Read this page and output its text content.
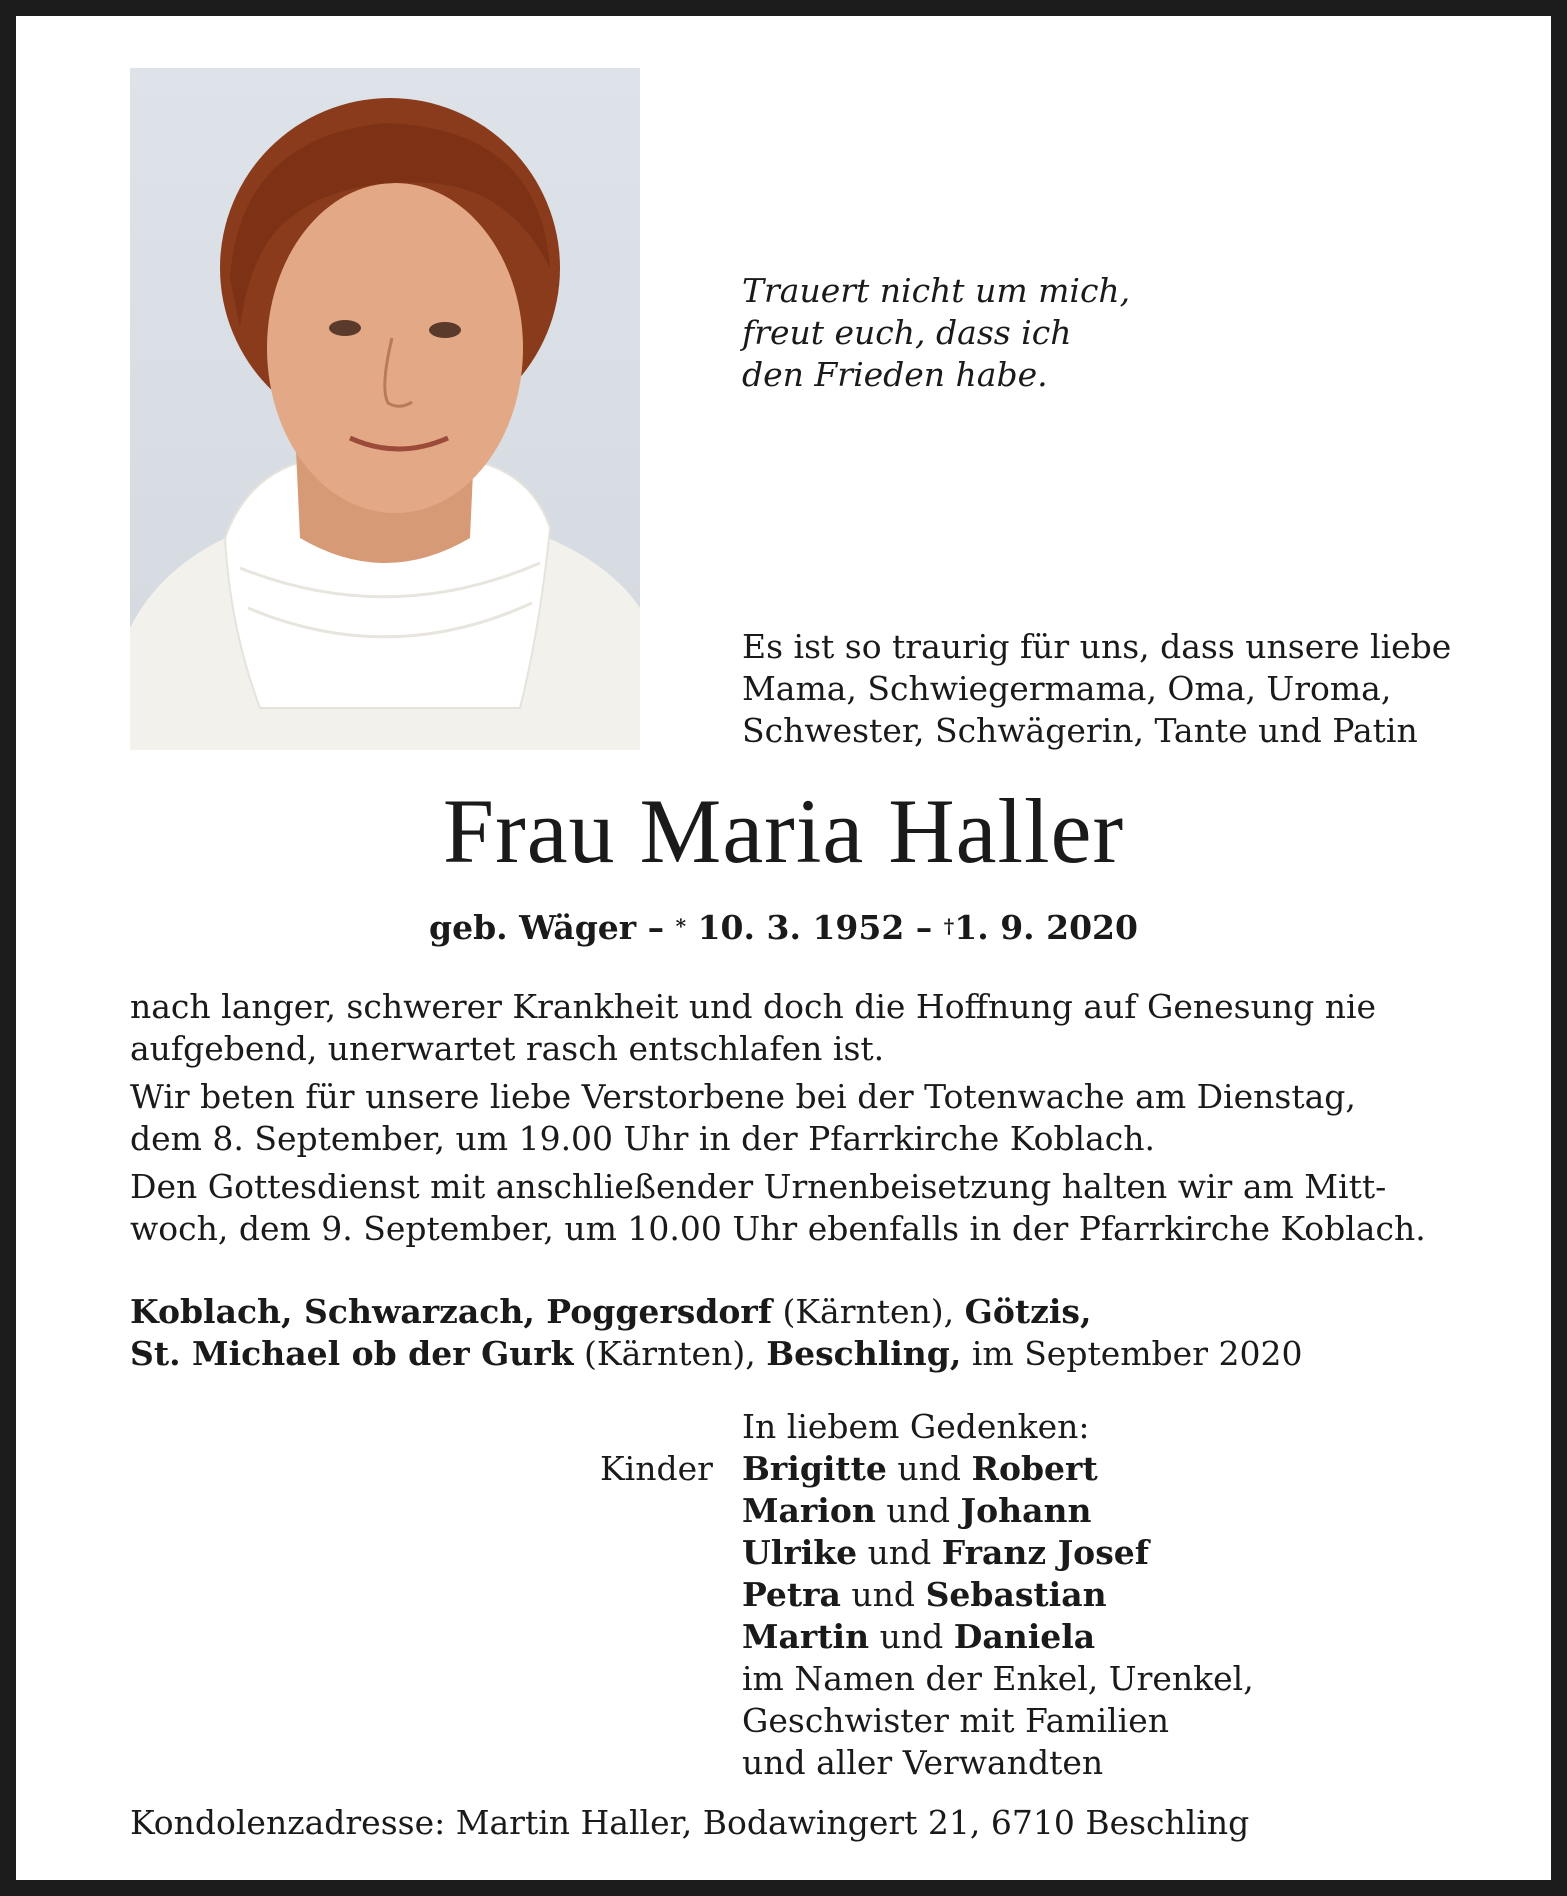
Trauert nicht um mich,
freut euch, dass ich
den Frieden habe.
Es ist so traurig für uns, dass unsere liebe
Mama, Schwiegermama, Oma, Uroma,
Schwester, Schwägerin, Tante und Patin
Frau Maria Haller
geb. Wäger – * 10. 3. 1952 – †1. 9. 2020

nach langer, schwerer Krankheit und doch die Hoffnung auf Genesung nie
aufgebend, unerwartet rasch entschlafen ist.

Wir beten für unsere liebe Verstorbene bei der Totenwache am Dienstag,
dem 8. September, um 19.00 Uhr in der Pfarrkirche Koblach.

Den Gottesdienst mit anschließender Urnenbeisetzung halten wir am Mitt-
woch, dem 9. September, um 10.00 Uhr ebenfalls in der Pfarrkirche Koblach.

Koblach, Schwarzach, Poggersdorf (Kärnten), Götzis,
St. Michael ob der Gurk (Kärnten), Beschling, im September 2020
Kinder
In liebem Gedenken:
Brigitte und Robert
Marion und Johann
Ulrike und Franz Josef
Petra und Sebastian
Martin und Daniela
im Namen der Enkel, Urenkel,
Geschwister mit Familien
und aller Verwandten
Kondolenzadresse: Martin Haller, Bodawingert 21, 6710 Beschling
